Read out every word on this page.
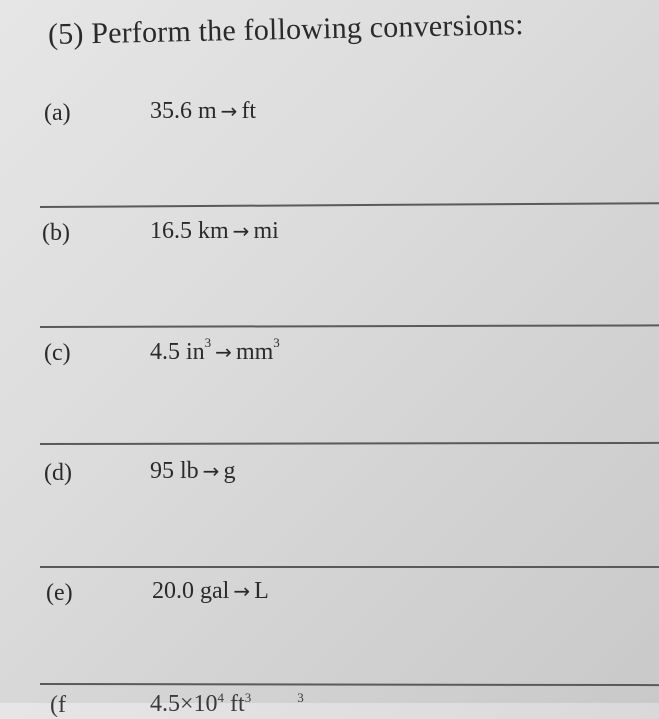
(5) Perform the following conversions:
(a)	35.6 m → ft
(b)	16.5 km → mi
(c)	4.5 $in^3 \to mm^3$
(d)	95 lb → g
(e)	20.0 gal → L
(f	$4.5\times 10^4$ $ft^3$	$^3$
